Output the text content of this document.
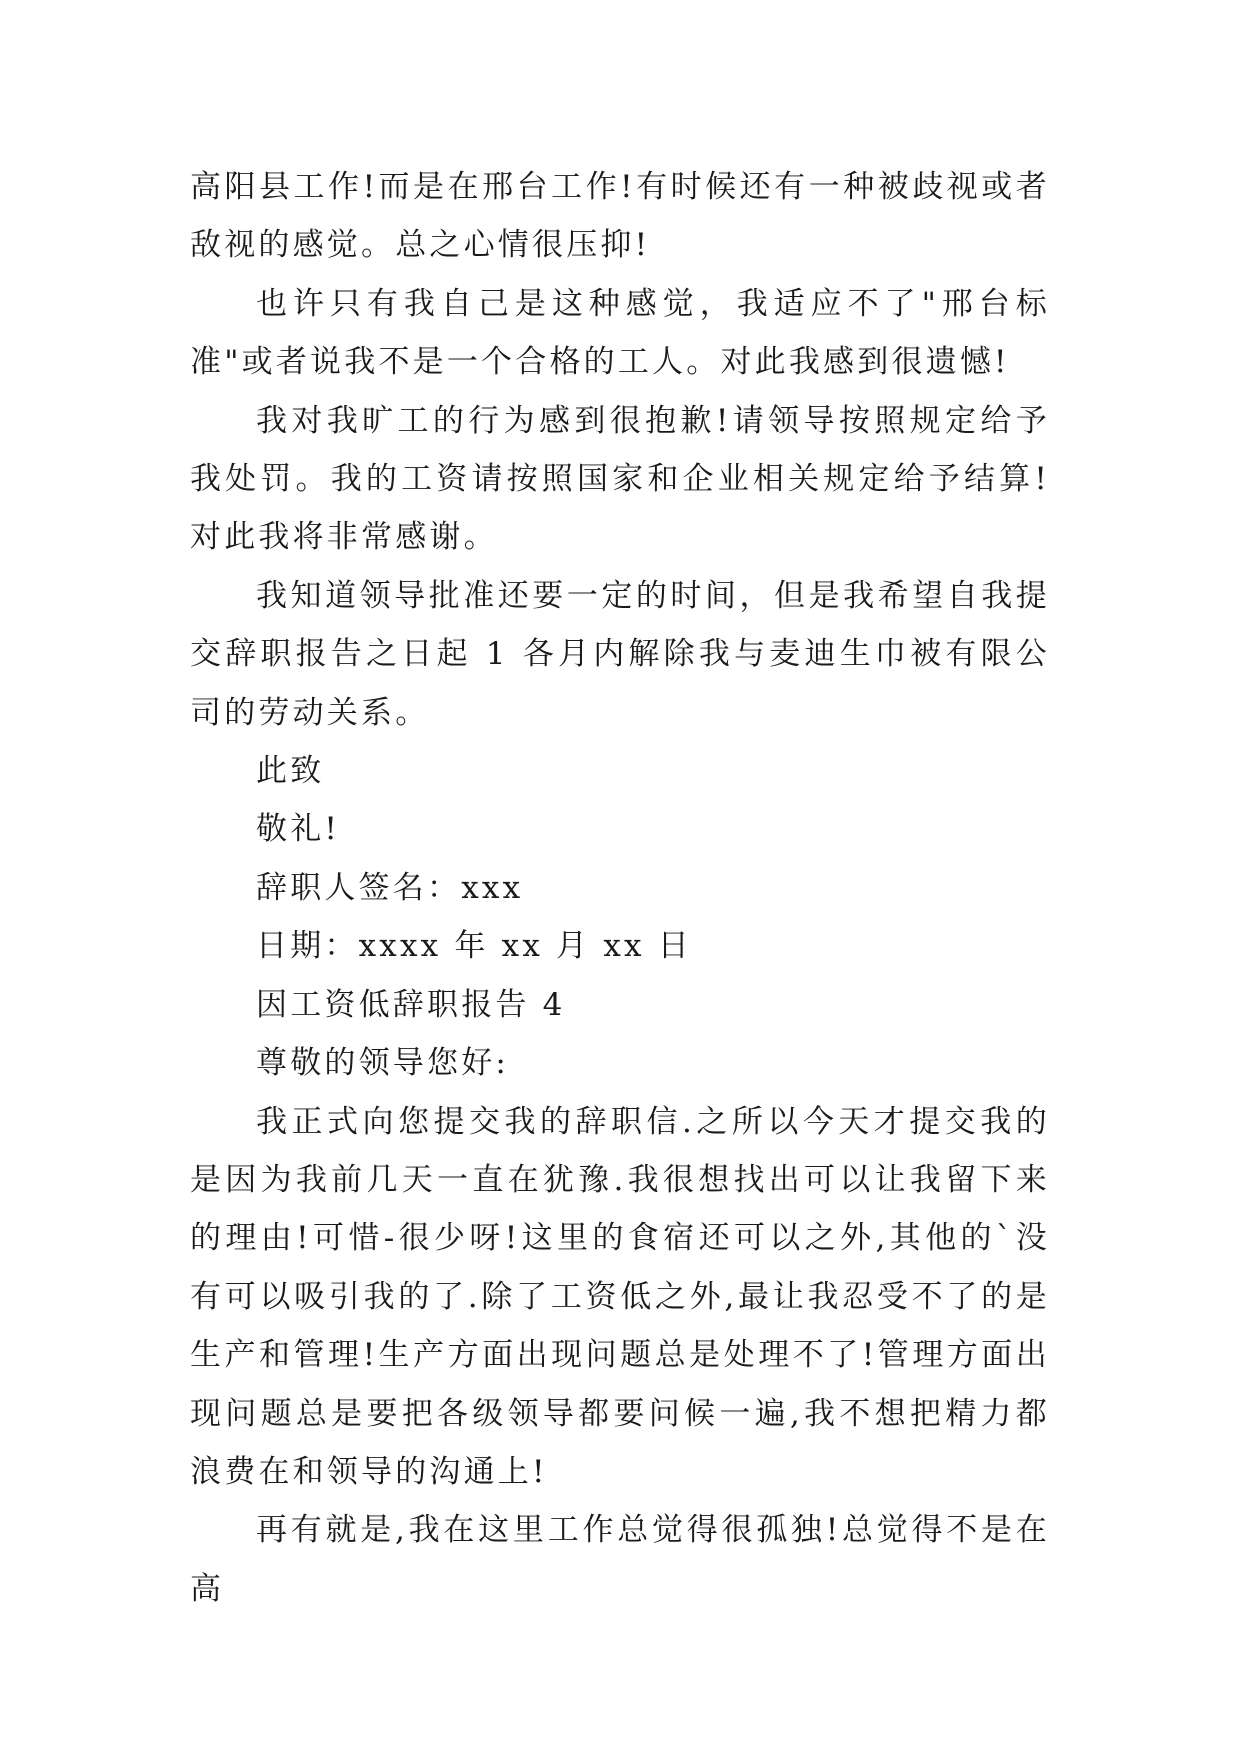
高阳县工作!而是在邢台工作!有时候还有一种被歧视或者敌视的感觉。总之心情很压抑!

也许只有我自己是这种感觉，我适应不了"邢台标准"或者说我不是一个合格的工人。对此我感到很遗憾!

我对我旷工的行为感到很抱歉!请领导按照规定给予我处罚。我的工资请按照国家和企业相关规定给予结算!对此我将非常感谢。

我知道领导批准还要一定的时间，但是我希望自我提交辞职报告之日起 1 各月内解除我与麦迪生巾被有限公司的劳动关系。

此致

敬礼!

辞职人签名：xxx

日期：xxxx 年 xx 月 xx 日

因工资低辞职报告 4

尊敬的领导您好:

我正式向您提交我的辞职信.之所以今天才提交我的是因为我前几天一直在犹豫.我很想找出可以让我留下来的理由!可惜-很少呀!这里的食宿还可以之外,其他的`没有可以吸引我的了.除了工资低之外,最让我忍受不了的是生产和管理!生产方面出现问题总是处理不了!管理方面出现问题总是要把各级领导都要问候一遍,我不想把精力都浪费在和领导的沟通上!

再有就是,我在这里工作总觉得很孤独!总觉得不是在高
